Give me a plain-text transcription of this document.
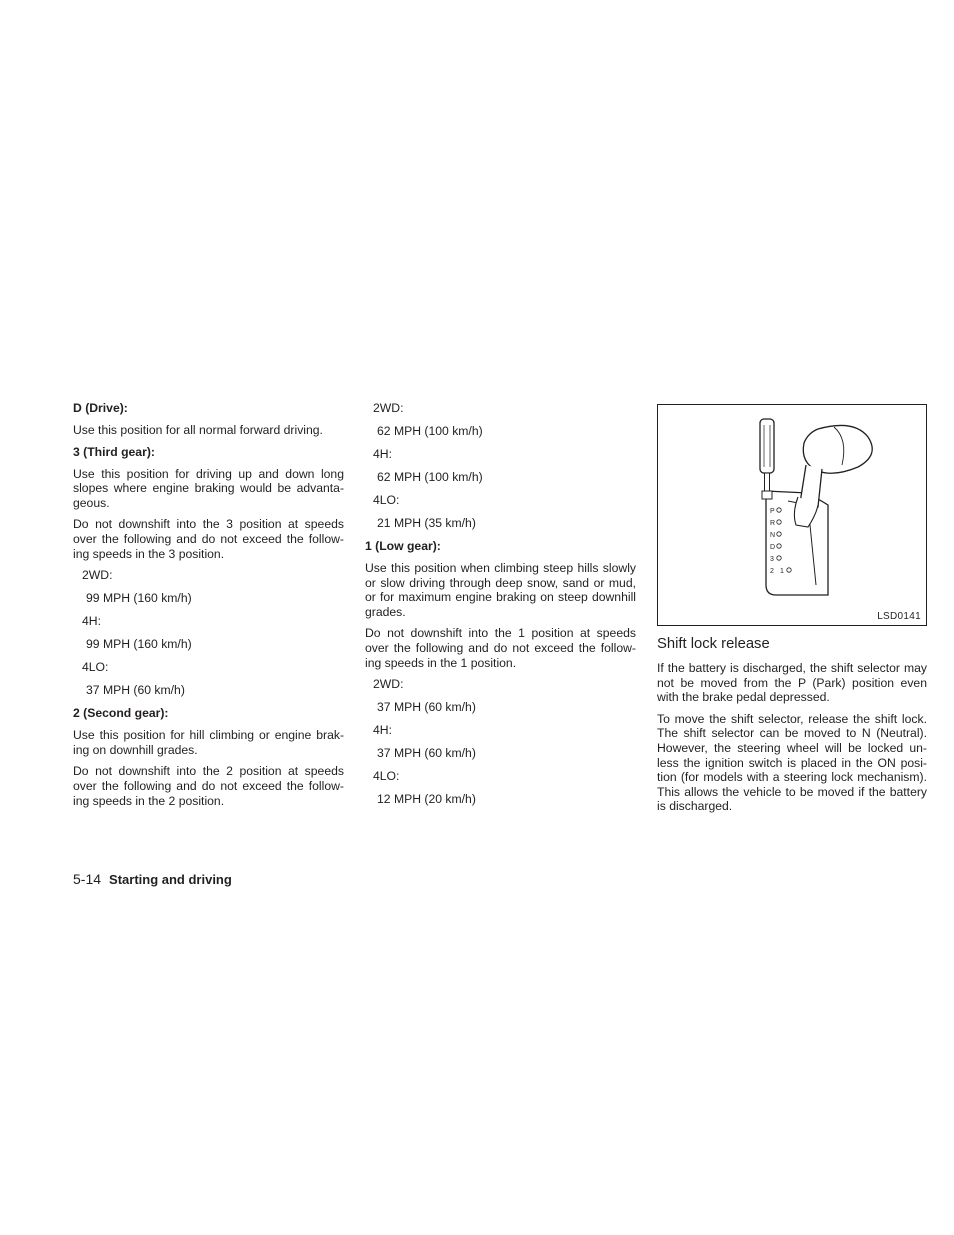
D (Drive):
Use this position for all normal forward driving.
3 (Third gear):
Use this position for driving up and down long slopes where engine braking would be advanta-geous.
Do not downshift into the 3 position at speeds over the following and do not exceed the follow-ing speeds in the 3 position.
2WD:
99 MPH (160 km/h)
4H:
99 MPH (160 km/h)
4LO:
37 MPH (60 km/h)
2 (Second gear):
Use this position for hill climbing or engine brak-ing on downhill grades.
Do not downshift into the 2 position at speeds over the following and do not exceed the follow-ing speeds in the 2 position.
2WD:
62 MPH (100 km/h)
4H:
62 MPH (100 km/h)
4LO:
21 MPH (35 km/h)
1 (Low gear):
Use this position when climbing steep hills slowly or slow driving through deep snow, sand or mud, or for maximum engine braking on steep downhill grades.
Do not downshift into the 1 position at speeds over the following and do not exceed the follow-ing speeds in the 1 position.
2WD:
37 MPH (60 km/h)
4H:
37 MPH (60 km/h)
4LO:
12 MPH (20 km/h)
P
R
N
D
3
2 1
LSD0141
Shift lock release
If the battery is discharged, the shift selector may not be moved from the P (Park) position even with the brake pedal depressed.
To move the shift selector, release the shift lock. The shift selector can be moved to N (Neutral). However, the steering wheel will be locked un-less the ignition switch is placed in the ON posi-tion (for models with a steering lock mechanism). This allows the vehicle to be moved if the battery is discharged.
5-14 Starting and driving
